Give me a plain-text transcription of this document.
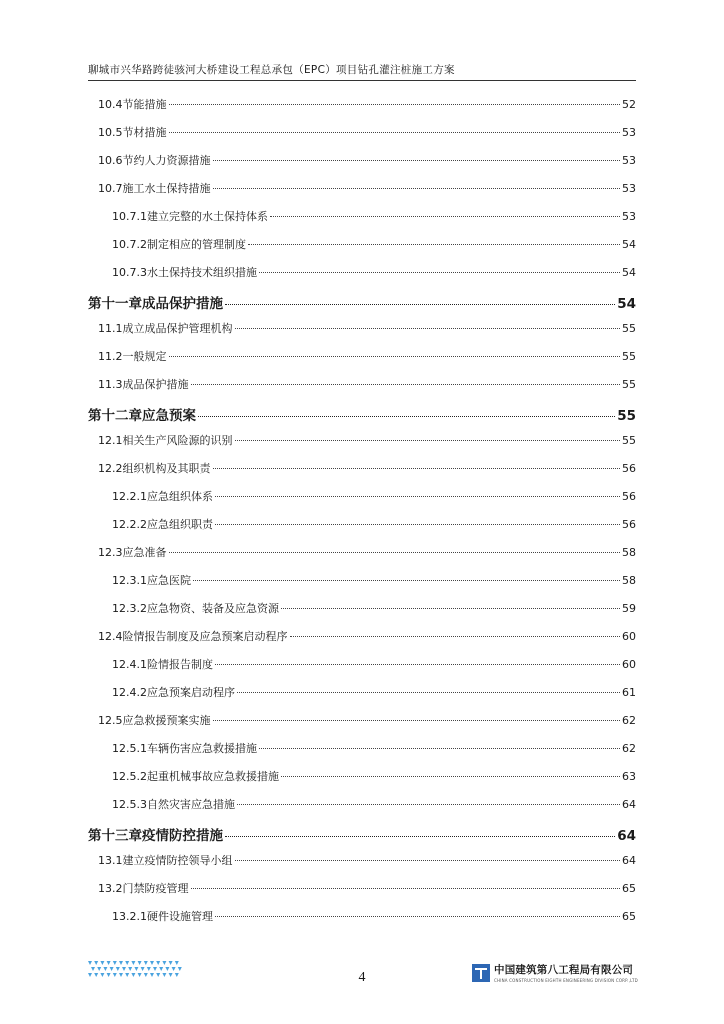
聊城市兴华路跨徒骇河大桥建设工程总承包（EPC）项目钻孔灌注桩施工方案
10.4节能措施	52
10.5节材措施	53
10.6节约人力资源措施	53
10.7施工水土保持措施	53
10.7.1建立完整的水土保持体系	53
10.7.2制定相应的管理制度	54
10.7.3水土保持技术组织措施	54
第十一章成品保护措施	54
11.1成立成品保护管理机构	55
11.2一般规定	55
11.3成品保护措施	55
第十二章应急预案	55
12.1相关生产风险源的识别	55
12.2组织机构及其职责	56
12.2.1应急组织体系	56
12.2.2应急组织职责	56
12.3应急准备	58
12.3.1应急医院	58
12.3.2应急物资、装备及应急资源	59
12.4险情报告制度及应急预案启动程序	60
12.4.1险情报告制度	60
12.4.2应急预案启动程序	61
12.5应急救援预案实施	62
12.5.1车辆伤害应急救援措施	62
12.5.2起重机械事故应急救援措施	63
12.5.3自然灾害应急措施	64
第十三章疫情防控措施	64
13.1建立疫情防控领导小组	64
13.2门禁防疫管理	65
13.2.1硬件设施管理	65
4	中国建筑第八工程局有限公司
CHINA CONSTRUCTION EIGHTH ENGINEERING DIVISION CORP.,LTD
